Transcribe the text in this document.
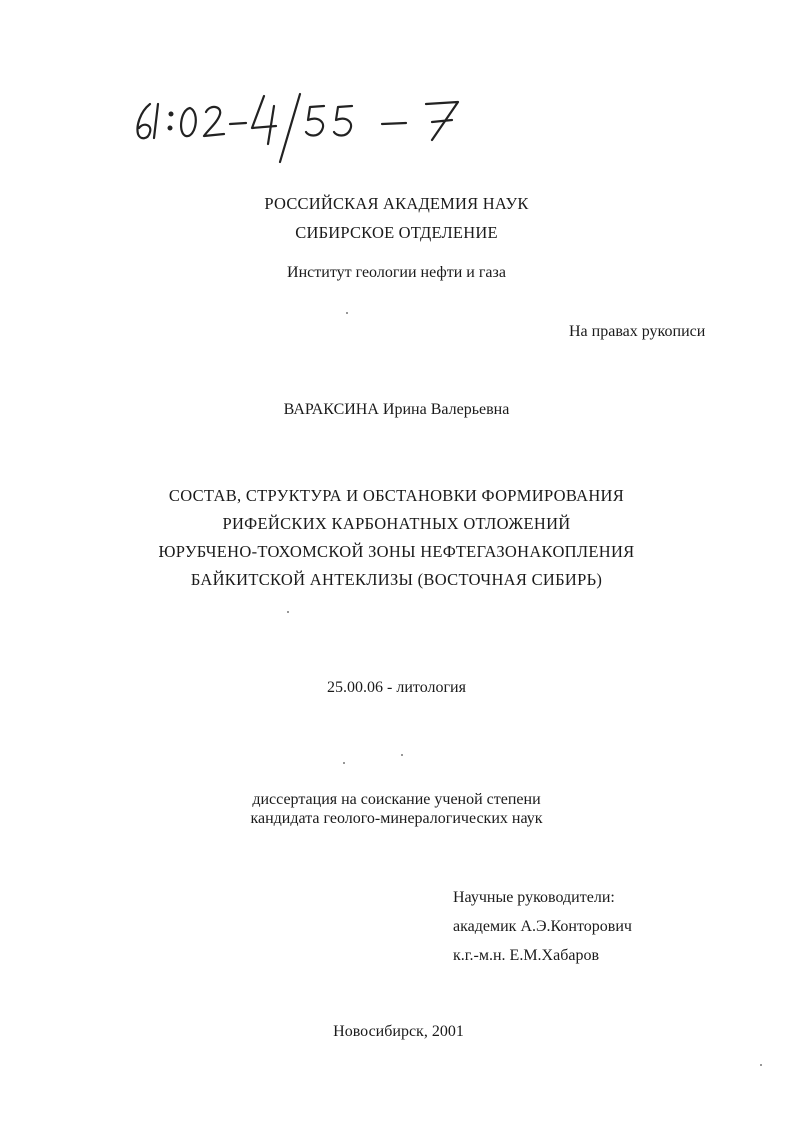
РОССИЙСКАЯ АКАДЕМИЯ НАУК
СИБИРСКОЕ ОТДЕЛЕНИЕ
Институт геологии нефти и газа
На правах рукописи
ВАРАКСИНА Ирина Валерьевна
СОСТАВ, СТРУКТУРА И ОБСТАНОВКИ ФОРМИРОВАНИЯ
РИФЕЙСКИХ КАРБОНАТНЫХ ОТЛОЖЕНИЙ
ЮРУБЧЕНО-ТОХОМСКОЙ ЗОНЫ НЕФТЕГАЗОНАКОПЛЕНИЯ
БАЙКИТСКОЙ АНТЕКЛИЗЫ (ВОСТОЧНАЯ СИБИРЬ)
25.00.06 - литология
диссертация на соискание ученой степени
кандидата геолого-минералогических наук
Научные руководители:
академик А.Э.Конторович
к.г.-м.н. Е.М.Хабаров
Новосибирск, 2001
